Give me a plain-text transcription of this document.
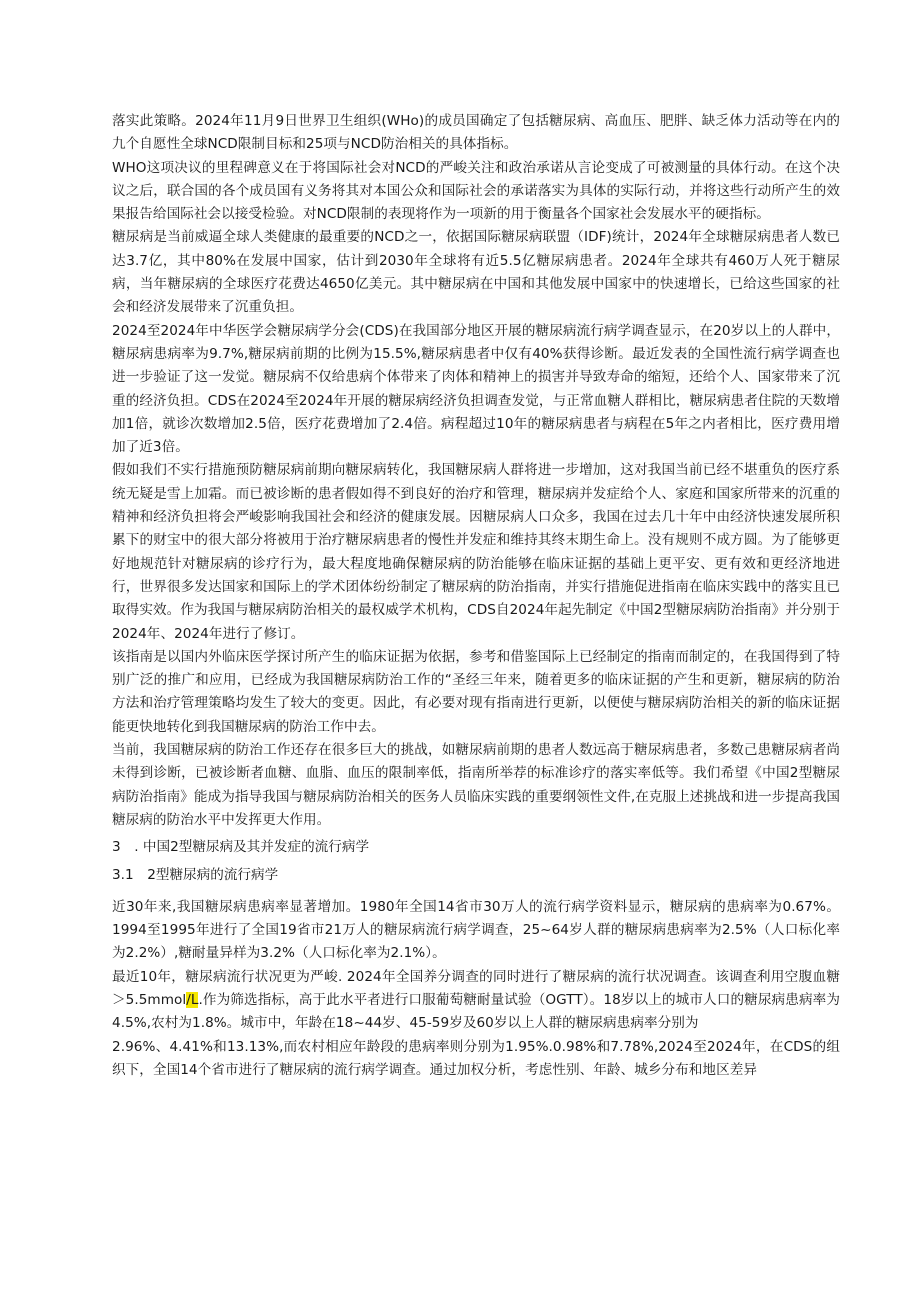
落实此策略。2024年11月9日世界卫生组织(WHo)的成员国确定了包括糖尿病、高血压、肥胖、缺乏体力活动等在内的九个自愿性全球NCD限制目标和25项与NCD防治相关的具体指标。

WHO这项决议的里程碑意义在于将国际社会对NCD的严峻关注和政治承诺从言论变成了可被测量的具体行动。在这个决议之后，联合国的各个成员国有义务将其对本国公众和国际社会的承诺落实为具体的实际行动，并将这些行动所产生的效果报告给国际社会以接受检验。对NCD限制的表现将作为一项新的用于衡量各个国家社会发展水平的硬指标。

糖尿病是当前威逼全球人类健康的最重要的NCD之一，依据国际糖尿病联盟（IDF)统计，2024年全球糖尿病患者人数已达3.7亿，其中80%在发展中国家，估计到2030年全球将有近5.5亿糖尿病患者。2024年全球共有460万人死于糖尿病，当年糖尿病的全球医疗花费达4650亿美元。其中糖尿病在中国和其他发展中国家中的快速增长，已给这些国家的社会和经济发展带来了沉重负担。

2024至2024年中华医学会糖尿病学分会(CDS)在我国部分地区开展的糖尿病流行病学调查显示，在20岁以上的人群中，糖尿病患病率为9.7%,糖尿病前期的比例为15.5%,糖尿病患者中仅有40%获得诊断。最近发表的全国性流行病学调查也进一步验证了这一发觉。糖尿病不仅给患病个体带来了肉体和精神上的损害并导致寿命的缩短，还给个人、国家带来了沉重的经济负担。CDS在2024至2024年开展的糖尿病经济负担调查发觉，与正常血糖人群相比，糖尿病患者住院的天数增加1倍，就诊次数增加2.5倍，医疗花费增加了2.4倍。病程超过10年的糖尿病患者与病程在5年之内者相比，医疗费用增加了近3倍。

假如我们不实行措施预防糖尿病前期向糖尿病转化，我国糖尿病人群将进一步增加，这对我国当前已经不堪重负的医疗系统无疑是雪上加霜。而已被诊断的患者假如得不到良好的治疗和管理，糖尿病并发症给个人、家庭和国家所带来的沉重的精神和经济负担将会严峻影响我国社会和经济的健康发展。因糖尿病人口众多，我国在过去几十年中由经济快速发展所积累下的财宝中的很大部分将被用于治疗糖尿病患者的慢性并发症和维持其终末期生命上。没有规则不成方圆。为了能够更好地规范针对糖尿病的诊疗行为，最大程度地确保糖尿病的防治能够在临床证据的基础上更平安、更有效和更经济地进行，世界很多发达国家和国际上的学术团体纷纷制定了糖尿病的防治指南，并实行措施促进指南在临床实践中的落实且已取得实效。作为我国与糖尿病防治相关的最权威学术机构，CDS自2024年起先制定《中国2型糖尿病防治指南》并分别于2024年、2024年进行了修订。

该指南是以国内外临床医学探讨所产生的临床证据为依据，参考和借鉴国际上已经制定的指南而制定的，在我国得到了特别广泛的推广和应用，已经成为我国糖尿病防治工作的“圣经三年来，随着更多的临床证据的产生和更新，糖尿病的防治方法和治疗管理策略均发生了较大的变更。因此，有必要对现有指南进行更新，以便使与糖尿病防治相关的新的临床证据能更快地转化到我国糖尿病的防治工作中去。

当前，我国糖尿病的防治工作还存在很多巨大的挑战，如糖尿病前期的患者人数远高于糖尿病患者，多数己患糖尿病者尚未得到诊断，已被诊断者血糖、血脂、血压的限制率低，指南所举荐的标准诊疗的落实率低等。我们希望《中国2型糖尿病防治指南》能成为指导我国与糖尿病防治相关的医务人员临床实践的重要纲领性文件,在克服上述挑战和进一步提高我国糖尿病的防治水平中发挥更大作用。

3　. 中国2型糖尿病及其并发症的流行病学

3.1　2型糖尿病的流行病学

近30年来,我国糖尿病患病率显著增加。1980年全国14省市30万人的流行病学资料显示，糖尿病的患病率为0.67%。1994至1995年进行了全国19省市21万人的糖尿病流行病学调查，25~64岁人群的糖尿病患病率为2.5%（人口标化率为2.2%）,糖耐量异样为3.2%（人口标化率为2.1%）。

最近10年，糖尿病流行状况更为严峻. 2024年全国养分调查的同时进行了糖尿病的流行状况调查。该调查利用空腹血糖＞5.5mmol/L.作为筛选指标，高于此水平者进行口服葡萄糖耐量试验（OGTT）。18岁以上的城市人口的糖尿病患病率为4.5%,农村为1.8%。城市中，年龄在18~44岁、45-59岁及60岁以上人群的糖尿病患病率分别为

2.96%、4.41%和13.13%,而农村相应年龄段的患病率则分别为1.95%.0.98%和7.78%,2024至2024年，在CDS的组织下，全国14个省市进行了糖尿病的流行病学调查。通过加权分析，考虑性别、年龄、城乡分布和地区差异
